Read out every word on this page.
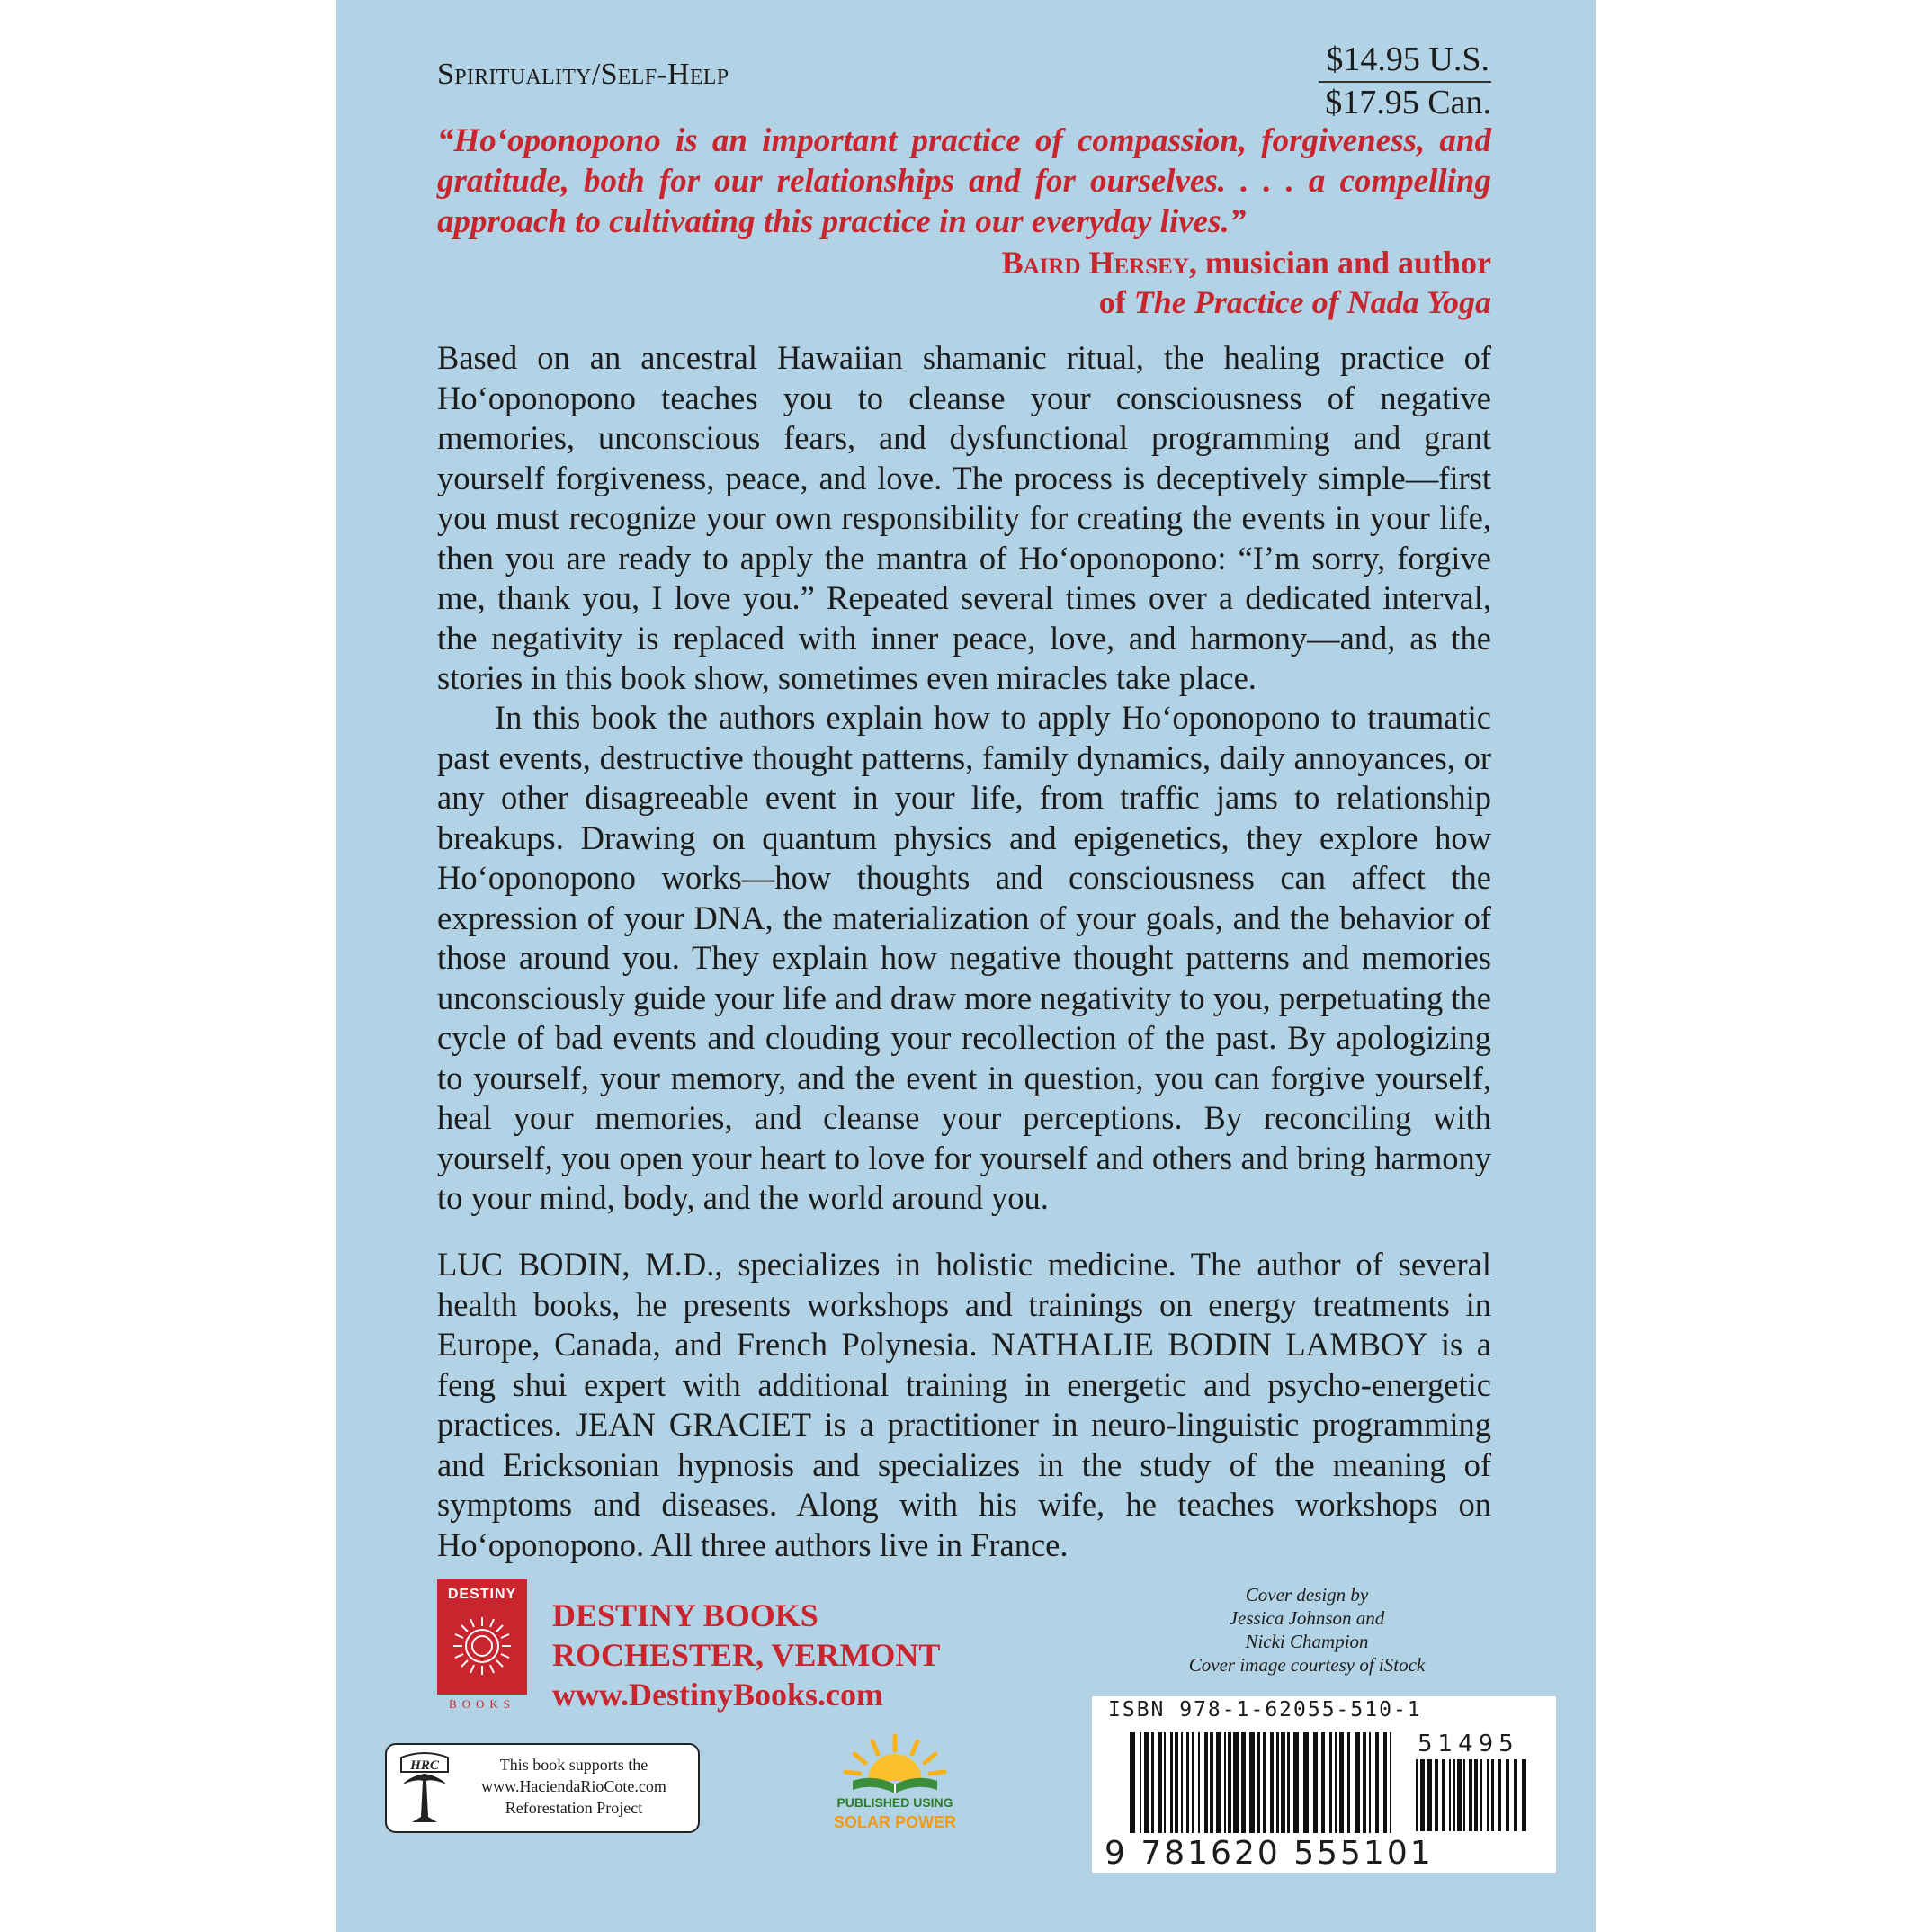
Spirituality/Self-Help	$14.95 U.S.
$17.95 Can.
“Hoʻoponopono is an important practice of compassion, forgiveness, and gratitude, both for our relationships and for ourselves. . . . a compelling approach to cultivating this practice in our everyday lives.”
Baird Hersey, musician and author
of The Practice of Nada Yoga
Based on an ancestral Hawaiian shamanic ritual, the healing practice of Hoʻoponopono teaches you to cleanse your consciousness of negative memories, unconscious fears, and dysfunctional programming and grant yourself forgiveness, peace, and love. The process is deceptively simple—first you must recognize your own responsibility for creating the events in your life, then you are ready to apply the mantra of Hoʻoponopono: “I’m sorry, forgive me, thank you, I love you.” Repeated several times over a dedicated interval, the negativity is replaced with inner peace, love, and harmony—and, as the stories in this book show, sometimes even miracles take place.
In this book the authors explain how to apply Hoʻoponopono to traumatic past events, destructive thought patterns, family dynamics, daily annoyances, or any other disagreeable event in your life, from traffic jams to relationship breakups. Drawing on quantum physics and epigenetics, they explore how Hoʻoponopono works—how thoughts and consciousness can affect the expression of your DNA, the materialization of your goals, and the behavior of those around you. They explain how negative thought patterns and memories unconsciously guide your life and draw more negativity to you, perpetuating the cycle of bad events and clouding your recollection of the past. By apologizing to yourself, your memory, and the event in question, you can forgive yourself, heal your memories, and cleanse your perceptions. By reconciling with yourself, you open your heart to love for yourself and others and bring harmony to your mind, body, and the world around you.
LUC BODIN, M.D., specializes in holistic medicine. The author of several health books, he presents workshops and trainings on energy treatments in Europe, Canada, and French Polynesia. NATHALIE BODIN LAMBOY is a feng shui expert with additional training in energetic and psycho-energetic practices. JEAN GRACIET is a practitioner in neuro-linguistic programming and Ericksonian hypnosis and specializes in the study of the meaning of symptoms and diseases. Along with his wife, he teaches workshops on Hoʻoponopono. All three authors live in France.
DESTINY
BOOKS
DESTINY BOOKS
ROCHESTER, VERMONT
www.DestinyBooks.com
Cover design by
Jessica Johnson and
Nicki Champion
Cover image courtesy of iStock
ISBN 978-1-62055-510-1
51495
9 781620 555101
HRC	This book supports the
www.HaciendaRioCote.com
Reforestation Project	PUBLISHED USING
SOLAR POWER
